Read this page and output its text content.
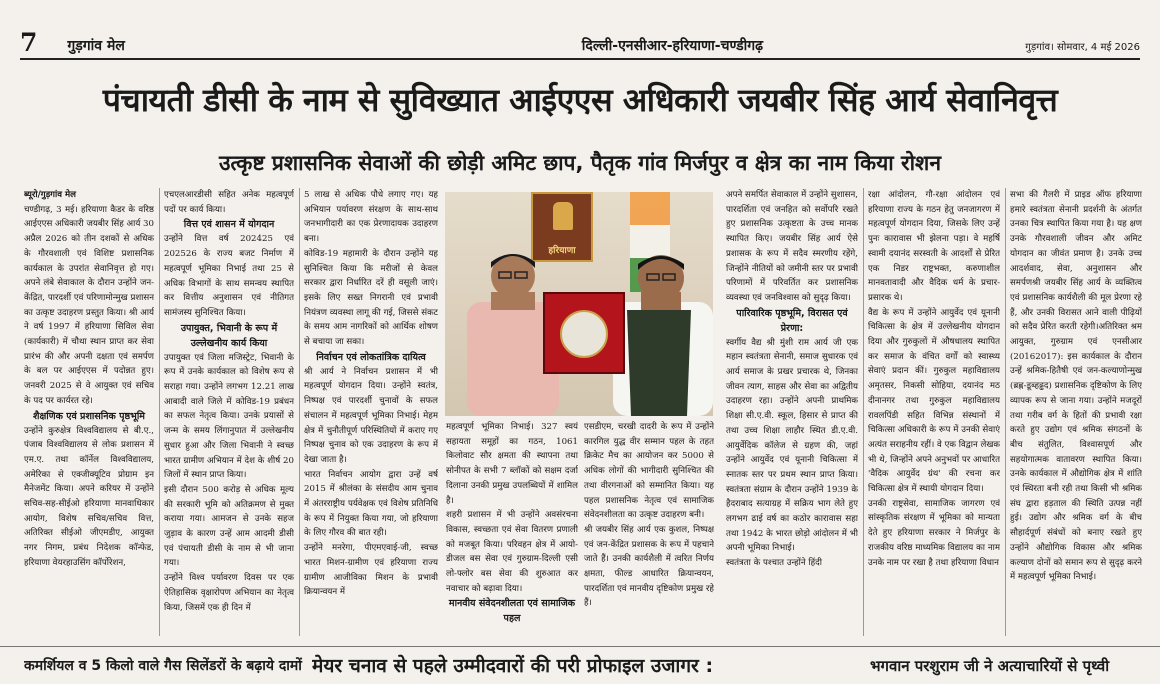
7 गुड़गांव मेल	दिल्ली-एनसीआर-हरियाणा-चण्डीगढ़	गुड़गांव। सोमवार, 4 मई 2026
पंचायती डीसी के नाम से सुविख्यात आईएएस अधिकारी जयबीर सिंह आर्य सेवानिवृत्त
उत्कृष्ट प्रशासनिक सेवाओं की छोड़ी अमिट छाप, पैतृक गांव मिर्जपुर व क्षेत्र का नाम किया रोशन

ब्यूरो/गुड़गांव मेल

चण्डीगढ़, 3 मई। हरियाणा कैडर के वरिष्ठ आईएएस अधिकारी जयबीर सिंह आर्य 30 अप्रैल 2026 को तीन दशकों से अधिक के गौरवशाली एवं विशिष्ट प्रशासनिक कार्यकाल के उपरांत सेवानिवृत्त हो गए। अपने लंबे सेवाकाल के दौरान उन्होंने जन-केंद्रित, पारदर्शी एवं परिणामोन्मुख प्रशासन का उत्कृष्ट उदाहरण प्रस्तुत किया। श्री आर्य ने वर्ष 1997 में हरियाणा सिविल सेवा (कार्यकारी) में चौथा स्थान प्राप्त कर सेवा प्रारंभ की और अपनी दक्षता एवं समर्पण के बल पर आईएएस में पदोन्नत हुए। जनवरी 2025 से वे आयुक्त एवं सचिव के पद पर कार्यरत रहे।

शैक्षणिक एवं प्रशासनिक पृष्ठभूमि

उन्होंने कुरुक्षेत्र विश्वविद्यालय से बी.ए., पंजाब विश्वविद्यालय से लोक प्रशासन में एम.ए. तथा कॉर्नेल विश्वविद्यालय, अमेरिका से एक्जीक्यूटिव प्रोग्राम इन मैनेजमेंट किया। अपने करियर में उन्होंने सचिव-सह-सीईओ हरियाणा मानवाधिकार आयोग, विशेष सचिव/सचिव वित्त, अतिरिक्त सीईओ जीएमडीए, आयुक्त नगर निगम, प्रबंध निदेशक कॉन्फेड, हरियाणा वेयरहाउसिंग कॉर्पोरेशन,

एचएलआरडीसी सहित अनेक महत्वपूर्ण पदों पर कार्य किया।

वित्त एवं शासन में योगदान

उन्होंने वित्त वर्ष 202425 एवं 202526 के राज्य बजट निर्माण में महत्वपूर्ण भूमिका निभाई तथा 25 से अधिक विभागों के साथ समन्वय स्थापित कर वित्तीय अनुशासन एवं नीतिगत सामंजस्य सुनिश्चित किया।

उपायुक्त, भिवानी के रूप में उल्लेखनीय कार्य किया

उपायुक्त एवं जिला मजिस्ट्रेट, भिवानी के रूप में उनके कार्यकाल को विशेष रूप से सराहा गया। उन्होंने लगभग 12.21 लाख आबादी वाले जिले में कोविड-19 प्रबंधन का सफल नेतृत्व किया। उनके प्रयासों से जन्म के समय लिंगानुपात में उल्लेखनीय सुधार हुआ और जिला भिवानी ने स्वच्छ भारत ग्रामीण अभियान में देश के शीर्ष 20 जिलों में स्थान प्राप्त किया।

इसी दौरान 500 करोड़ से अधिक मूल्य की सरकारी भूमि को अतिक्रमण से मुक्त कराया गया। आमजन से उनके सहज जुड़ाव के कारण उन्हें आम आदमी डीसी एवं पंचायती डीसी के नाम से भी जाना गया।

उन्होंने विश्व पर्यावरण दिवस पर एक ऐतिहासिक वृक्षारोपण अभियान का नेतृत्व किया, जिसमें एक ही दिन में

5 लाख से अधिक पौधे लगाए गए। यह अभियान पर्यावरण संरक्षण के साथ-साथ जनभागीदारी का एक प्रेरणादायक उदाहरण बना।

कोविड-19 महामारी के दौरान उन्होंने यह सुनिश्चित किया कि मरीजों से केवल सरकार द्वारा निर्धारित दरें ही वसूली जाएं। इसके लिए सख्त निगरानी एवं प्रभावी नियंत्रण व्यवस्था लागू की गई, जिससे संकट के समय आम नागरिकों को आर्थिक शोषण से बचाया जा सका।

निर्वाचन एवं लोकतांत्रिक दायित्व

श्री आर्य ने निर्वाचन प्रशासन में भी महत्वपूर्ण योगदान दिया। उन्होंने स्वतंत्र, निष्पक्ष एवं पारदर्शी चुनावों के सफल संचालन में महत्वपूर्ण भूमिका निभाई। मेहम क्षेत्र में चुनौतीपूर्ण परिस्थितियों में कराए गए निष्पक्ष चुनाव को एक उदाहरण के रूप में देखा जाता है।

भारत निर्वाचन आयोग द्वारा उन्हें वर्ष 2015 में श्रीलंका के संसदीय आम चुनाव में अंतरराष्ट्रीय पर्यवेक्षक एवं विशेष प्रतिनिधि के रूप में नियुक्त किया गया, जो हरियाणा के लिए गौरव की बात रही।

उन्होंने मनरेगा, पीएमएवाई-जी, स्वच्छ भारत मिशन-ग्रामीण एवं हरियाणा राज्य ग्रामीण आजीविका मिशन के प्रभावी क्रियान्वयन में

हरियाणा

महत्वपूर्ण भूमिका निभाई। 327 स्वयं सहायता समूहों का गठन, 1061 किलोवाट सौर क्षमता की स्थापना तथा सोनीपत के सभी 7 ब्लॉकों को सक्षम दर्जा दिलाना उनकी प्रमुख उपलब्धियों में शामिल है।

शहरी प्रशासन में भी उन्होंने अवसंरचना विकास, स्वच्छता एवं सेवा वितरण प्रणाली को मजबूत किया। परिवहन क्षेत्र में आयो-डीजल बस सेवा एवं गुरुग्राम-दिल्ली एसी लो-फ्लोर बस सेवा की शुरुआत कर नवाचार को बढ़ावा दिया।

मानवीय संवेदनशीलता एवं सामाजिक पहल

एसडीएम, चरखी दादरी के रूप में उन्होंने कारगिल युद्ध वीर सम्मान पहल के तहत क्रिकेट मैच का आयोजन कर 5000 से अधिक लोगों की भागीदारी सुनिश्चित की तथा वीरगनाओं को सम्मानित किया। यह पहल प्रशासनिक नेतृत्व एवं सामाजिक संवेदनशीलता का उत्कृष्ट उदाहरण बनी।

श्री जयबीर सिंह आर्य एक कुशल, निष्पक्ष एवं जन-केंद्रित प्रशासक के रूप में पहचाने जाते हैं। उनकी कार्यशैली में त्वरित निर्णय क्षमता, फील्ड आधारित क्रियान्वयन, पारदर्शिता एवं मानवीय दृष्टिकोण प्रमुख रहे हैं।

अपने समर्पित सेवाकाल में उन्होंने सुशासन, पारदर्शिता एवं जनहित को सर्वोपरि रखते हुए प्रशासनिक उत्कृष्टता के उच्च मानक स्थापित किए। जयबीर सिंह आर्य ऐसे प्रशासक के रूप में सदैव स्मरणीय रहेंगे, जिन्होंने नीतियों को जमीनी स्तर पर प्रभावी परिणामों में परिवर्तित कर प्रशासनिक व्यवस्था एवं जनविश्वास को सुदृढ़ किया।

पारिवारिक पृष्ठभूमि, विरासत एवं प्रेरणा:

स्वर्गीय वैद्य श्री मुंशी राम आर्य जी एक महान स्वतंत्रता सेनानी, समाज सुधारक एवं आर्य समाज के प्रखर प्रचारक थे, जिनका जीवन त्याग, साहस और सेवा का अद्वितीय उदाहरण रहा। उन्होंने अपनी प्राथमिक शिक्षा सी.ए.वी. स्कूल, हिसार से प्राप्त की तथा उच्च शिक्षा लाहौर स्थित डी.ए.वी. आयुर्वेदिक कॉलेज से ग्रहण की, जहां उन्होंने आयुर्वेद एवं यूनानी चिकित्सा में स्नातक स्तर पर प्रथम स्थान प्राप्त किया। स्वतंत्रता संग्राम के दौरान उन्होंने 1939 के हैदराबाद सत्याग्रह में सक्रिय भाग लेते हुए लगभग ढाई वर्ष का कठोर कारावास सहा तथा 1942 के भारत छोड़ो आंदोलन में भी अपनी भूमिका निभाई।

स्वतंत्रता के पश्चात उन्होंने हिंदी

रक्षा आंदोलन, गौ-रक्षा आंदोलन एवं हरियाणा राज्य के गठन हेतु जनजागरण में महत्वपूर्ण योगदान दिया, जिसके लिए उन्हें पुनः कारावास भी झेलना पड़ा। वे महर्षि स्वामी दयानंद सरस्वती के आदर्शों से प्रेरित एक निडर राष्ट्रभक्त, करुणाशील मानवतावादी और वैदिक धर्म के प्रचार-प्रसारक थे।

वैद्य के रूप में उन्होंने आयुर्वेद एवं यूनानी चिकित्सा के क्षेत्र में उल्लेखनीय योगदान दिया और गुरुकुलों में औषधालय स्थापित कर समाज के वंचित वर्गों को स्वास्थ्य सेवाएं प्रदान कीं। गुरुकुल महाविद्यालय अमृतसर, निकसी सोहिया, दयानंद मठ दीनानगर तथा गुरुकुल महाविद्यालय रावलपिंडी सहित विभिन्न संस्थानों में चिकित्सा अधिकारी के रूप में उनकी सेवाएं अत्यंत सराहनीय रहीं। वे एक विद्वान लेखक भी थे, जिन्होंने अपने अनुभवों पर आधारित 'वैदिक आयुर्वेद ग्रंथ' की रचना कर चिकित्सा क्षेत्र में स्थायी योगदान दिया।

उनकी राष्ट्रसेवा, सामाजिक जागरण एवं सांस्कृतिक संरक्षण में भूमिका को मान्यता देते हुए हरियाणा सरकार ने मिर्जपुर के राजकीय वरिष्ठ माध्यमिक विद्यालय का नाम उनके नाम पर रखा है तथा हरियाणा विधान

सभा की गैलरी में प्राइड ऑफ हरियाणा हमारे स्वतंत्रता सेनानी प्रदर्शनी के अंतर्गत उनका चित्र स्थापित किया गया है। यह क्षण उनके गौरवशाली जीवन और अमिट योगदान का जीवंत प्रमाण है। उनके उच्च आदर्शवाद, सेवा, अनुशासन और समर्पणश्री जयबीर सिंह आर्य के व्यक्तित्व एवं प्रशासनिक कार्यशैली की मूल प्रेरणा रहे हैं, और उनकी विरासत आने वाली पीढ़ियों को सदैव प्रेरित करती रहेगी।अतिरिक्त श्रम आयुक्त, गुरुग्राम एवं एनसीआर (20162017): इस कार्यकाल के दौरान उन्हें श्रमिक-हितैषी एवं जन-कल्याणोन्मुख (ब्रह्ण-डूब्हढ्ढद) प्रशासनिक दृष्टिकोण के लिए व्यापक रूप से जाना गया। उन्होंने मजदूरों तथा गरीब वर्ग के हितों की प्रभावी रक्षा करते हुए उद्योग एवं श्रमिक संगठनों के बीच संतुलित, विश्वासपूर्ण और सहयोगात्मक वातावरण स्थापित किया। उनके कार्यकाल में औद्योगिक क्षेत्र में शांति एवं स्थिरता बनी रही तथा किसी भी श्रमिक संघ द्वारा हड़ताल की स्थिति उत्पन्न नहीं हुई। उद्योग और श्रमिक वर्ग के बीच सौहार्दपूर्ण संबंधों को बनाए रखते हुए उन्होंने औद्योगिक विकास और श्रमिक कल्याण दोनों को समान रूप से सुदृढ़ करने में महत्वपूर्ण भूमिका निभाई।

कमर्शियल व 5 किलो वाले गैस सिलेंडरों के बढ़ाये दामों मेयर चनाव से पहले उम्मीदवारों की परी प्रोफाइल उजागर :	भगवान परशुराम जी ने अत्याचारियों से पृथ्वी
